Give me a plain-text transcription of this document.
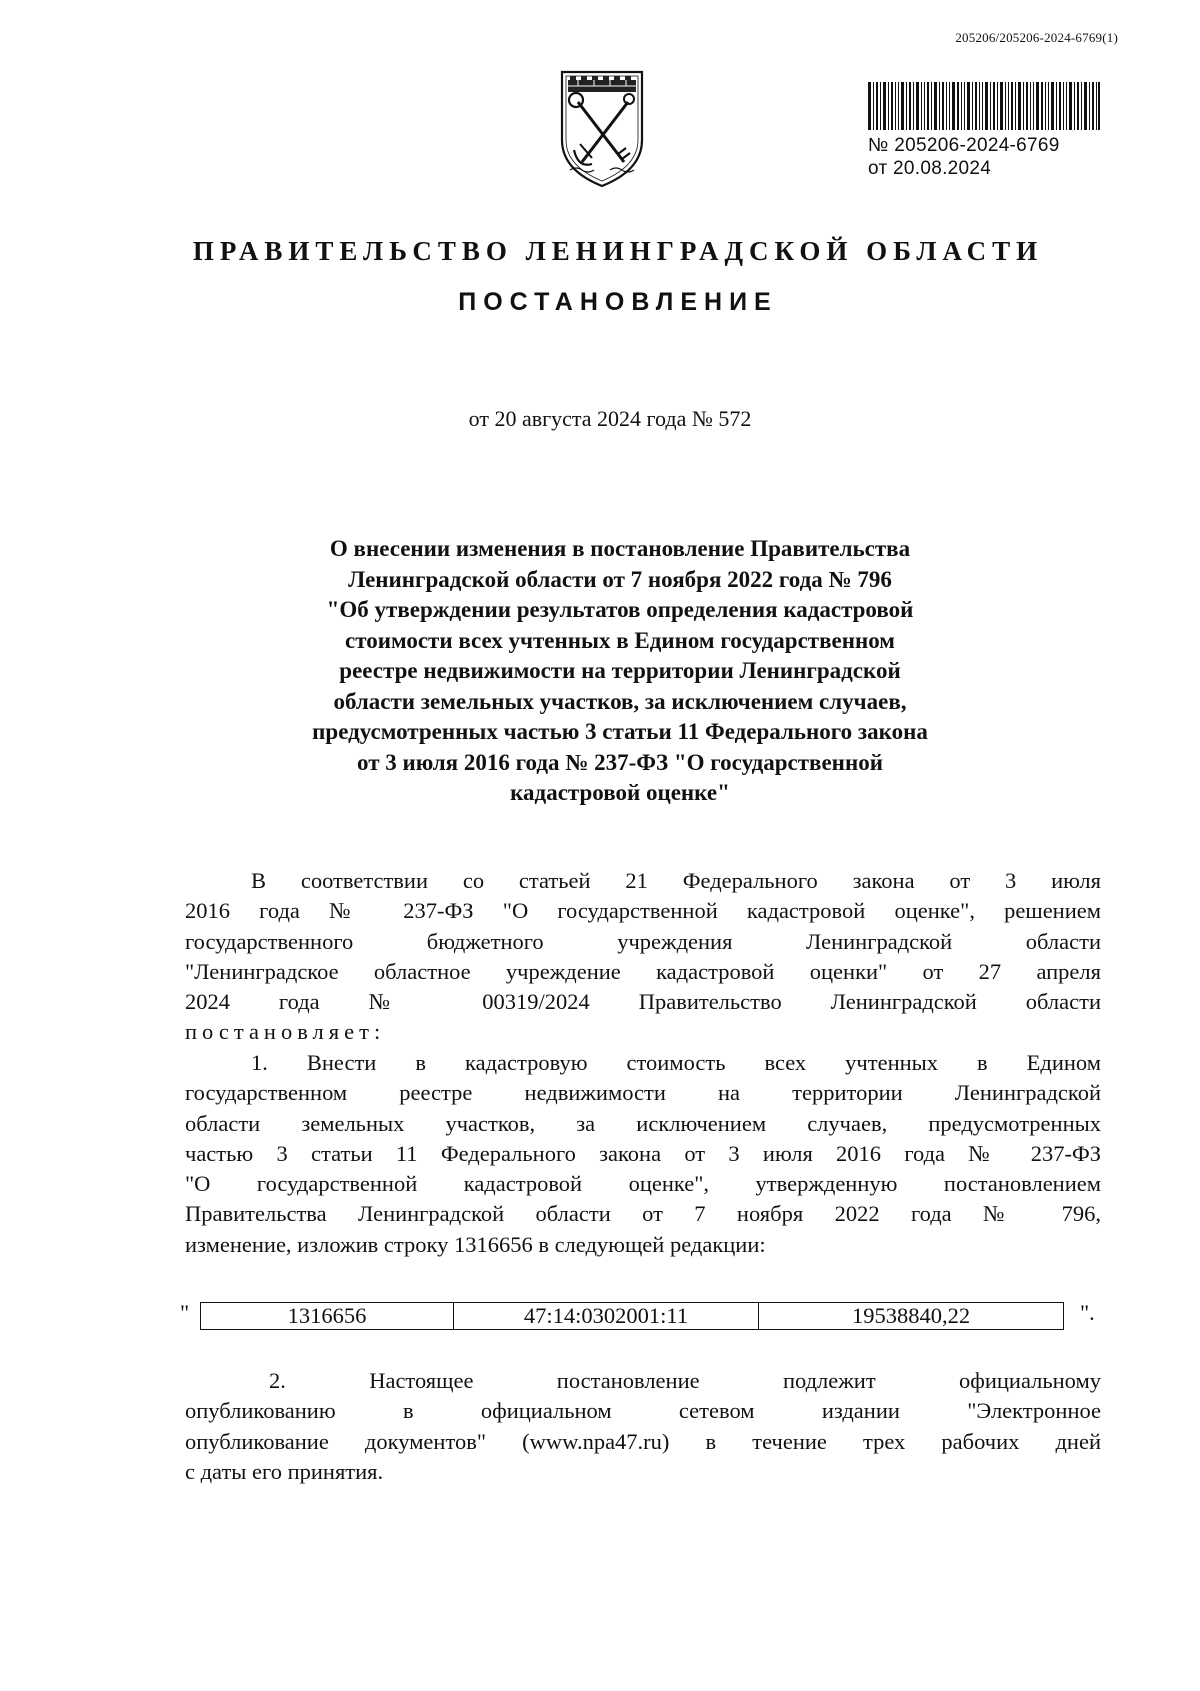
205206/205206-2024-6769(1)
№ 205206-2024-6769
от 20.08.2024
ПРАВИТЕЛЬСТВО ЛЕНИНГРАДСКОЙ ОБЛАСТИ
ПОСТАНОВЛЕНИЕ
от 20 августа 2024 года № 572
О внесении изменения в постановление Правительства
Ленинградской области от 7 ноября 2022 года № 796
"Об утверждении результатов определения кадастровой
стоимости всех учтенных в Едином государственном
реестре недвижимости на территории Ленинградской
области земельных участков, за исключением случаев,
предусмотренных частью 3 статьи 11 Федерального закона
от 3 июля 2016 года № 237-ФЗ "О государственной
кадастровой оценке"
В соответствии со статьей 21 Федерального закона от 3 июля
2016 года № 237-ФЗ "О государственной кадастровой оценке", решением
государственного бюджетного учреждения Ленинградской области
"Ленинградское областное учреждение кадастровой оценки" от 27 апреля
2024 года № 00319/2024 Правительство Ленинградской области
постановляет:
1. Внести в кадастровую стоимость всех учтенных в Едином
государственном реестре недвижимости на территории Ленинградской
области земельных участков, за исключением случаев, предусмотренных
частью 3 статьи 11 Федерального закона от 3 июля 2016 года № 237-ФЗ
"О государственной кадастровой оценке", утвержденную постановлением
Правительства Ленинградской области от 7 ноября 2022 года № 796,
изменение, изложив строку 1316656 в следующей редакции:
"	1316656	47:14:0302001:11	19538840,22	".
2. Настоящее постановление подлежит официальному
опубликованию в официальном сетевом издании "Электронное
опубликование документов" (www.npa47.ru) в течение трех рабочих дней
с даты его принятия.
